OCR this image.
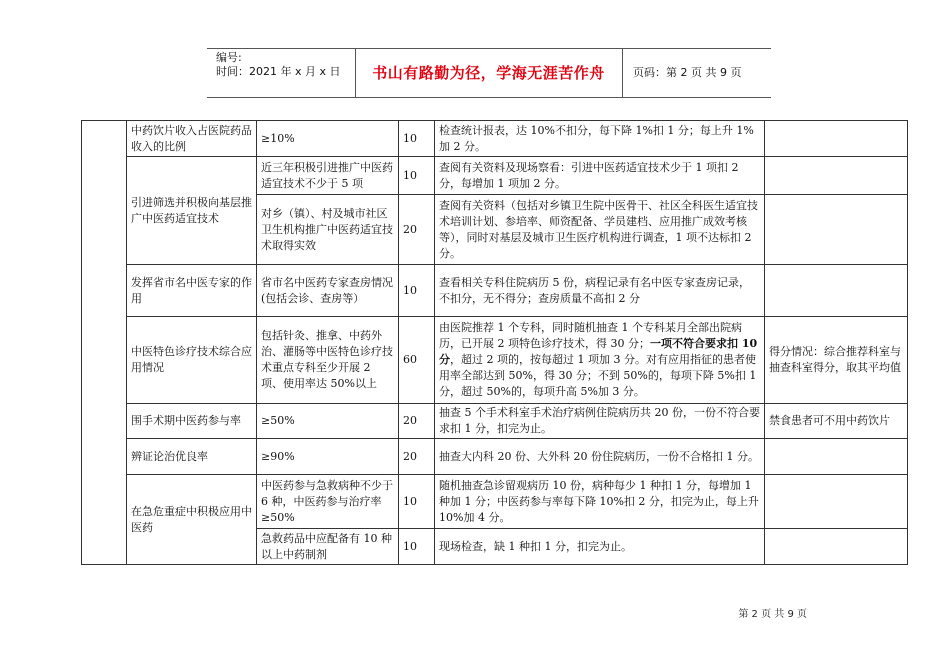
编号:
时间：2021 年 x 月 x 日	书山有路勤为径，学海无涯苦作舟	页码：第 2 页 共 9 页
	中药饮片收入占医院药品收入的比例	≥10%	10	检查统计报表，达 10%不扣分，每下降 1%扣 1 分；每上升 1%加 2 分。	
	引进筛选并积极向基层推广中医药适宜技术	近三年积极引进推广中医药适宜技术不少于 5 项	10	查阅有关资料及现场察看：引进中医药适宜技术少于 1 项扣 2 分，每增加 1 项加 2 分。	
		对乡（镇）、村及城市社区卫生机构推广中医药适宜技术取得实效	20	查阅有关资料（包括对乡镇卫生院中医骨干、社区全科医生适宜技术培训计划、参培率、师资配备、学员建档、应用推广成效考核等），同时对基层及城市卫生医疗机构进行调查，1 项不达标扣 2 分。	
	发挥省市名中医专家的作用	省市名中医药专家查房情况(包括会诊、查房等）	10	查看相关专科住院病历 5 份，病程记录有名中医专家查房记录，不扣分，无不得分；查房质量不高扣 2 分	
	中医特色诊疗技术综合应用情况	包括针灸、推拿、中药外治、灌肠等中医特色诊疗技术重点专科至少开展 2 项、使用率达 50%以上	60	由医院推荐 1 个专科，同时随机抽查 1 个专科某月全部出院病历，已开展 2 项特色诊疗技术，得 30 分；一项不符合要求扣 10 分，超过 2 项的，按每超过 1 项加 3 分。对有应用指征的患者使用率全部达到 50%，得 30 分；不到 50%的，每项下降 5%扣 1 分，超过 50%的，每项升高 5%加 3 分。	得分情况：综合推荐科室与抽查科室得分，取其平均值
	围手术期中医药参与率	≥50%	20	抽查 5 个手术科室手术治疗病例住院病历共 20 份，一份不符合要求扣 1 分，扣完为止。	禁食患者可不用中药饮片
	辨证论治优良率	≥90%	20	抽查大内科 20 份、大外科 20 份住院病历，一份不合格扣 1 分。	
	在急危重症中积极应用中医药	中医药参与急救病种不少于 6 种，中医药参与治疗率≥50%	10	随机抽查急诊留观病历 10 份，病种每少 1 种扣 1 分，每增加 1 种加 1 分；中医药参与率每下降 10%扣 2 分，扣完为止，每上升 10%加 4 分。	
		急救药品中应配备有 10 种以上中药制剂	10	现场检查，缺 1 种扣 1 分，扣完为止。	
第 2 页 共 9 页
